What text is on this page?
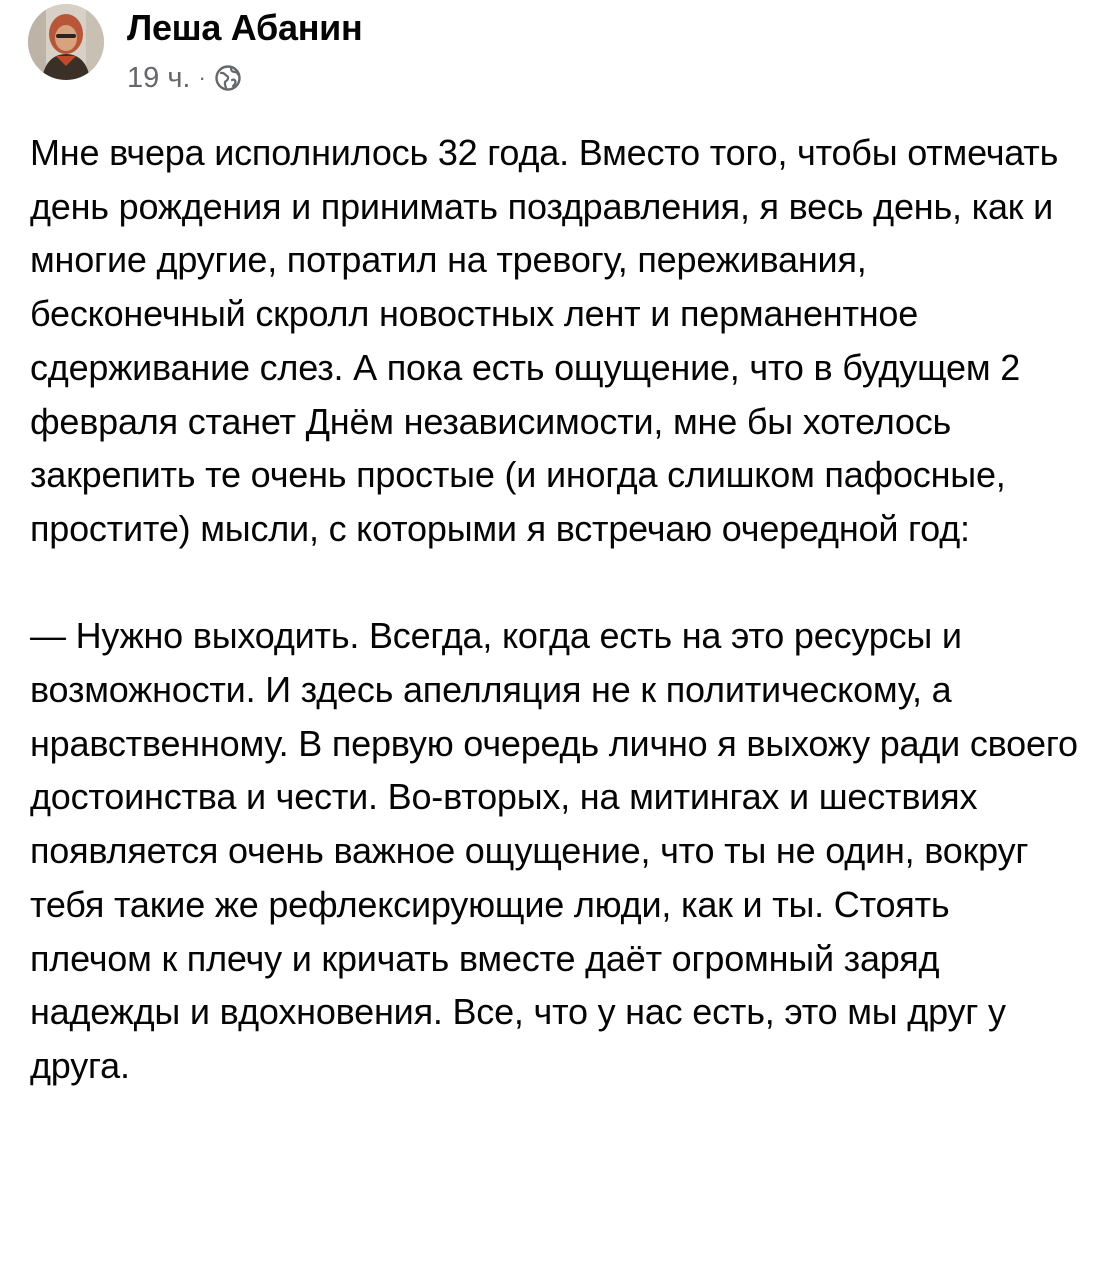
Леша Абанин
19 ч. ·

Мне вчера исполнилось 32 года. Вместо того, чтобы отмечать день рождения и принимать поздравления, я весь день, как и многие другие, потратил на тревогу, переживания, бесконечный скролл новостных лент и перманентное сдерживание слез. А пока есть ощущение, что в будущем 2 февраля станет Днём независимости, мне бы хотелось закрепить те очень простые (и иногда слишком пафосные, простите) мысли, с которыми я встречаю очередной год:

— Нужно выходить. Всегда, когда есть на это ресурсы и возможности. И здесь апелляция не к политическому, а нравственному. В первую очередь лично я выхожу ради своего достоинства и чести. Во-вторых, на митингах и шествиях появляется очень важное ощущение, что ты не один, вокруг тебя такие же рефлексирующие люди, как и ты. Стоять плечом к плечу и кричать вместе даёт огромный заряд надежды и вдохновения. Все, что у нас есть, это мы друг у друга.
